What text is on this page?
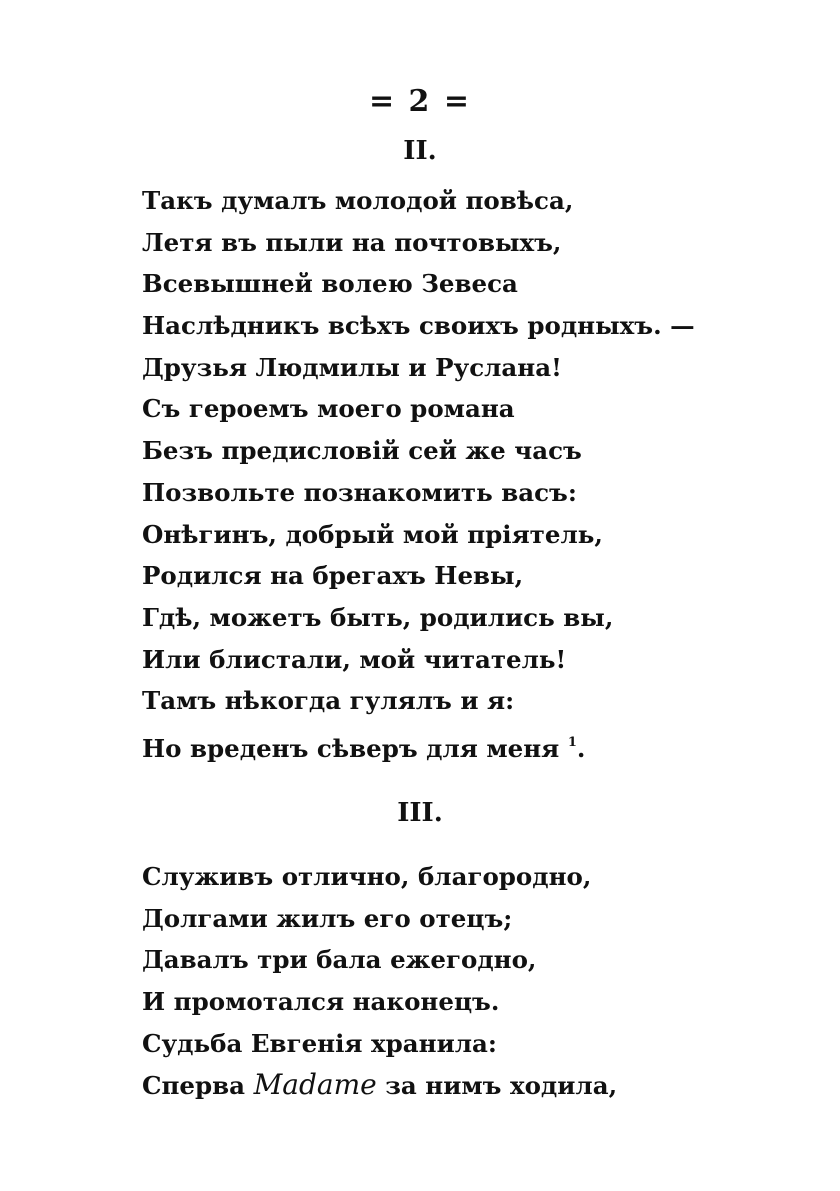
= 2 =
II.
Такъ думалъ молодой повѣса,
Летя въ пыли на почтовыхъ,
Всевышней волею Зевеса
Наслѣдникъ всѣхъ своихъ родныхъ. —
Друзья Людмилы и Руслана!
Съ героемъ моего романа
Безъ предисловій сей же часъ
Позвольте познакомить васъ:
Онѣгинъ, добрый мой пріятель,
Родился на брегахъ Невы,
Гдѣ, можетъ быть, родились вы,
Или блистали, мой читатель!
Тамъ нѣкогда гулялъ и я:
Но вреденъ сѣверъ для меня $^1$.
III.
Служивъ отлично, благородно,
Долгами жилъ его отецъ;
Давалъ три бала ежегодно,
И промотался наконецъ.
Судьба Евгенія хранила:
Сперва Madame за нимъ ходила,
